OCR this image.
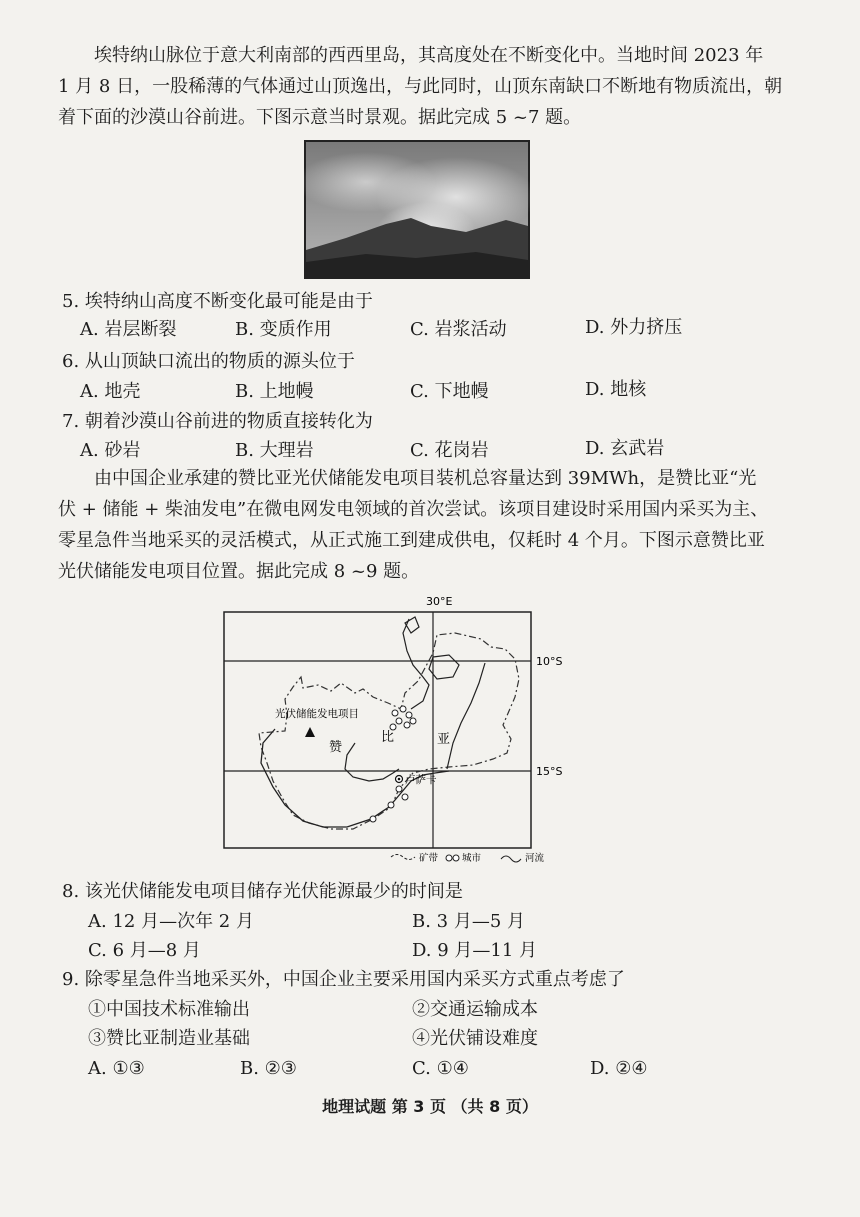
埃特纳山脉位于意大利南部的西西里岛，其高度处在不断变化中。当地时间 2023 年
1 月 8 日，一股稀薄的气体通过山顶逸出，与此同时，山顶东南缺口不断地有物质流出，朝
着下面的沙漠山谷前进。下图示意当时景观。据此完成 5 ~7 题。
5. 埃特纳山高度不断变化最可能是由于
A. 岩层断裂	B. 变质作用	C. 岩浆活动	D. 外力挤压
6. 从山顶缺口流出的物质的源头位于
A. 地壳	B. 上地幔	C. 下地幔	D. 地核
7. 朝着沙漠山谷前进的物质直接转化为
A. 砂岩	B. 大理岩	C. 花岗岩	D. 玄武岩
由中国企业承建的赞比亚光伏储能发电项目装机总容量达到 39MWh，是赞比亚“光
伏 + 储能 + 柴油发电”在微电网发电领域的首次尝试。该项目建设时采用国内采买为主、
零星急件当地采买的灵活模式，从正式施工到建成供电，仅耗时 4 个月。下图示意赞比亚
光伏储能发电项目位置。据此完成 8 ~9 题。
30°E
10°S
15°S
光伏储能发电项目
赞
比	亚
卢萨卡
矿带	城市	河流
8. 该光伏储能发电项目储存光伏能源最少的时间是
A. 12 月—次年 2 月	B. 3 月—5 月
C. 6 月—8 月	D. 9 月—11 月
9. 除零星急件当地采买外，中国企业主要采用国内采买方式重点考虑了
①中国技术标准输出	②交通运输成本
③赞比亚制造业基础	④光伏铺设难度
A. ①③	B. ②③	C. ①④	D. ②④
地理试题 第 3 页 （共 8 页）
